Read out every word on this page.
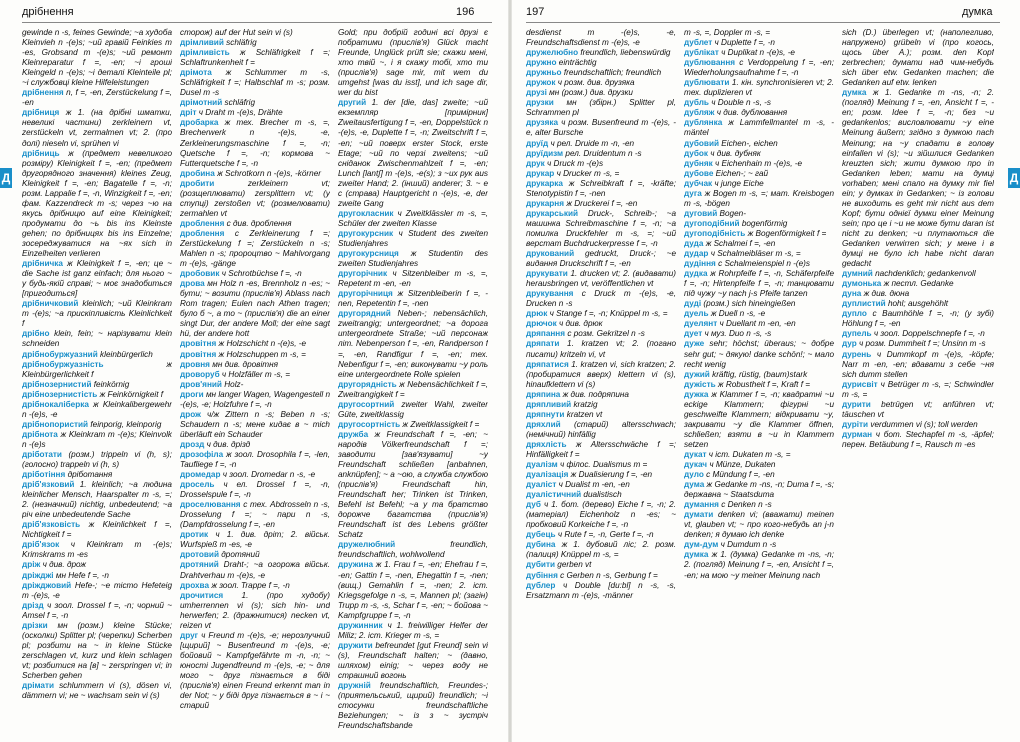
дрібнення	196

gewinde n -s, feines Gewinde; ~а худоба Kleinvieh n -(e)s; ~ий гравій Feinkies m -es, Grobsand m -(e)s; ~ий ремонт Kleinreparatur f =, -en; ~і гроші Kleingeld n -(e)s; ~і деталі Kleinteile pl; ~і службовці kleine Hilfeleistungen

дрібнення n, f =, -en, Zerstückelung f =, -en

дрібниця ж 1. (на дрібні шматки, невеликі частини) zerkleinern vt, zerstückeln vt, zermalmen vt; 2. (про долі) nieseln vi, sprühen vi

дрібниць ж (предмет невеликого розміру) Kleinigkeit f =, -en; (предмет другорядного значення) kleines Zeug, Kleinigkeit f =, -en; Bagatelle f =, -n; розм. Lappalie f =, -n, Winzigkeit f =, -en; фам. Kazzendreck m -s; через ~ю на якусь дрібницю auf eine Kleinigkeit; продумати до ~ь bis ins Kleinste gehen; по дрібницях bis ins Einzelne; зосереджуватися на ~ях sich in Einzelheiten verlieren

дрібничка ж Kleinigkeit f =, -en; це ~ die Sache ist ganz einfach; для нього ~ у будь-якій справі; ~ моє знадобиться [пригодиться]

дрібничковий kleinlich; ~ий Kleinkram m -(e)s; ~а прискіпливість Kleinlichkeit f

дрібно klein, fein; ~ нарізувати klein schneiden

дрібнобуржуазний kleinbürgerlich

дрібнобуржуазність	ж Kleinbürgerlichkeit f

дрібнозернистий feinkörnig

дрібнозернистість ж Feinkörnigkeit f

дрібнокаліберка ж Kleinkalibergewehr n -(e)s, -e

дрібнопористий feinporig, kleinporig

дрібнота ж Kleinkram m -(e)s; Kleinvolk n -(e)s

дріботати (розм.) trippeln vi (h, s); (голосно) trappeln vi (h, s)

дріботіння дріботання

дріб'язковий 1. kleinlich; ~а людина kleinlicher Mensch, Haarspalter m -s, =; 2. (незначний) nichtig, unbedeutend; ~а річ eine unbedeutende Sache

дріб'язковість ж Kleinlichkeit f =, Nichtigkeit f =

дріб'язок ч Kleinkram m -(e)s; Krimskrams m -es

дріж ч див. дрож

дріжджі мн Hefe f =, -n

дріжджовий Hefe-; ~е тісто Hefeteig m -(e)s, -e

дрізд ч зоол. Drossel f =, -n; чорний ~ Amsel f =, -n

дрізки мн (розм.) kleine Stücke; (осколки) Splitter pl; (черепки) Scherben pl; розбити на ~ in kleine Stücke zerschlagen vt, kurz und klein schlagen vt; розбитися на [в] ~ zerspringen vi; in Scherben gehen

дрімати schlummern vi (s), dösen vi, dämmern vi; не ~ wachsam sein vi (s)

сторож) auf der Hut sein vi (s)

дрімливий schläfrig

дрімливість ж Schläfrigkeit f =; Schlaftrunkenheit f =

дрімота ж Schlummer m -s, Schläfrigkeit f =; Halbschlaf m -s; розм. Dusel m -s

дрімотний schläfrig

дріт ч Draht m -(e)s, Drähte

дробарка ж тех. Brecher m -s, =, Brecherwerk n -(e)s, -e, Zerkleinerungsmaschine f =, -n; Quetsche f =, -n; кормова ~ Futterquetsche f =, -n

дробина ж Schrotkorn n -(e)s, -körner

дробити	zerkleinern vt; (розщеплювати) zersplittern vt; (у ступці) zerstoßen vt; (розмелювати) zermahlen vt

дроблення с див. дроблення

дроблення с Zerkleinerung f =; Zerstückelung f =; Zerstückeln n -s; Mahlen n -s; пророцтво ~ Mahlvorgang m -(e)s, -gänge

дробовик ч Schrotbüchse f =, -n

дрова мн Holz n -es, Brennholz n -es; ~ бути; ~ возити (прислів'я) Ablass nach Rom tragen; Eulen nach Athen tragen; було б ~, а то ~ (прислів'я) die an einer singt Dur, der andere Moll; der eine sagt hü, der andere hott

дровітня ж Holzschicht n -(e)s, -e

дровітня ж Holzschuppen m -s, =

дровня мн див. дровітня

дроворуб ч Holzfäller m -s, =

дров'яний Holz-

дроги мн langer Wagen, Wagengestell n -(e)s, -e; Holzfuhre f =, -n

дрож ч/ж Zittern n -s; Beben n -s; Schaudern n -s; мене кидає в ~ mich überläuft ein Schauder

дрозд ч див. дрізд

дрозофіла ж зоол. Drosophila f =, -len, Taufliege f =, -n

дромедар ч зоол. Dromedar n -s, -e

дросель ч ел. Drossel f =, -n, Drosselspule f =, -n

дроселювання с тех. Abdrosseln n -s, Drosselung f =; ~ пари n -s, (Dampfdrosselung f =, -en

дротик ч 1. див. дріт; 2. військ. Wurfspieß m -es, -e

дротовий дротяний

дротяний Draht-; ~а огорожа військ. Drahtverhau m -(e)s, -e

дрохва ж зоол. Trappe f =, -n

дрочитися 1. (про худобу) umherrennen vi (s); sich hin- und herwerfen; 2. (дражнитися) necken vt, reizen vt

друг ч Freund m -(e)s, -e; нерозлучний [щирий] ~ Busenfreund m -(e)s, -e; бойовий ~ Kampfgefährte m -n, -n; ~ юності Jugendfreund m -(e)s, -e; ~ для мого ~ друг пізнається в біді (прислів'я) einen Freund erkennt man in der Not; ~ у біді друг пізнається в ~ і ~ старий

Gold; при добрій годині всі друзі є побратими (прислів'я) Glück macht Freunde, Unglück prüft sie; скажи мені, хто твій ~, і я скажу тобі, хто ти (прислів'я) sage mir, mit wem du umgehst [was du isst], und ich sage dir, wer du bist

другий 1. der [die, das] zweite; ~ий екземпляр [примірник] Zweitausfertigung f =, -en, Doppelstück n -(e)s, -e, Duplette f =, -n; Zweitschrift f =, -en; ~ий поверх erster Stock, erste Etage; ~ий по черзі zweitens; ~ий сніданок Zwischenmahlzeit f =, -en; Lunch [lantʃ] m -(e)s, -e(s); з ~их рук aus zweiter Hand; 2. (інший) anderer; 3. ~ е с (страва) Hauptgericht n -(e)s, -e, der zweite Gang

другокласник ч Zweitklässler m -s, =, Schüler der zweiten Klasse

другокурсник ч Student des zweiten Studienjahres

другокурсниця ж Studentin des zweiten Studienjahres

другорічник ч Sitzenbleiber m -s, =, Repetent m -en, -en

другорічниця ж Sitzenbleiberin f =, -nen, Repetentin f =, -nen

другорядний Neben-; nebensächlich, zweitrangig; untergeordnet; ~а дорога untergeordnete Straße; ~ий персонаж літ. Nebenperson f =, -en, Randperson f =, -en, Randfigur f =, -en; тех. Nebenfigur f =, -en; виконувати ~у роль eine untergeordnete Rolle spielen

другорядність ж Nebensächlichkeit f =, Zweitrangigkeit f =

другосортний zweiter Wahl, zweiter Güte, zweitklassig

другосортність ж Zweitklassigkeit f =

дружба ж Freundschaft f =, -en; ~ народів Völkerfreundschaft f =; заводити [зав'язувати] ~у Freundschaft schließen [anbahnen, anknüpfen]; ~ а ~ою, а служба службою (прислів'я) Freundschaft hin, Freundschaft her; Trinken ist Trinken, Befehl ist Befehl; ~а у та братство дорожче багатства (прислів'я) Freundschaft ist des Lebens größter Schatz

дружелюбний	freundlich, freundschaftlich, wohlwollend

дружина ж 1. Frau f =, -en; Ehefrau f =, -en; Gattin f =, -nen, Ehegattin f =, -nen; (вищ.) Gemahlin f =, -nen; 2. іст. Kriegsgefolge n -s, =, Mannen pl; (загін) Trupp m -s, -s, Schar f =, -en; ~ бойова ~ Kampfgruppe f =, -n

дружинник ч 1. freiwilliger Helfer der Miliz; 2. іст. Krieger m -s, =

дружити befreundet [gut Freund] sein vi (s), Freundschaft halten; ~ (давно, шляхом) einig; ~ через воду не страшний вогонь

дружній freundschaftlich, Freundes-; (приятельський, щирий) freundlich; ~і стосунки freundschaftliche Beziehungen; ~ із з ~ зустріч Freundschaftsbande

Д
думка
197

desdienst m -(e)s, -e, Freundschaftsdienst m -(e)s, -e

дружелюбно freundlich, liebenswürdig

дружно einträchtig

дружньо freundschaftlich; freundlich

дружок ч розм. див. друзяка

друзі мн (розм.) див. друзки

друзки мн (збірн.) Splitter pl, Schrammen pl

друзяка ч розм. Busenfreund m -(e)s, -e, alter Bursche

друїд ч рел. Druide m -n, -en

друїдизм рел. Druidentum n -s

друк ч Druck m -(e)s

друкар ч Drucker m -s, =

друкарка ж Schreibkraft f =, -kräfte; Stenotypistin f =, -nen

друкарня ж Druckerei f =, -en

друкарський Druck-, Schreib-; ~а машинка Schreibmaschine f =, -n; ~а помилка Druckfehler m -s, =; ~ий верстат Buchdruckerpresse f =, -n

друкований gedruckt, Druck-; ~е видання Druckschrift f =, -en

друкувати 1. drucken vt; 2. (видавати) herausbringen vt, veröffentlichen vt

друкування с Druck m -(e)s, -e, Drucken n -s

дрюк ч Stange f =, -n; Knüppel m -s, =

дрючок ч див. дрюк

дряпання с розм. Gekritzel n -s

дряпати 1. kratzen vt; 2. (погано писати) kritzeln vi, vt

дряпатися 1. kratzen vi, sich kratzen; 2. (пробиратися вверх) klettern vi (s), hinaufklettern vi (s)

дряпина ж див. подряпина

дряпливий kratzig

дряпнути kratzen vt

дряхлий (старий) altersschwach; (немічний) hinfällig

дряхлість ж Altersschwäche f =; Hinfälligkeit f =

дуалізм ч філос. Dualismus m =

дуалізація ж Dualisierung f =, -en

дуаліст ч Dualist m -en, -en

дуалістичний dualistisch

дуб ч 1. бот. (дерево) Eiche f =, -n; 2. (матеріал) Eichenholz n -es; ~ пробковий Korkeiche f =, -n

дубець ч Rute f =, -n, Gerte f =, -n

дубина ж 1. дубовий ліс; 2. розм. (палиця) Knüppel m -s, =

дубити gerben vt

дубіння с Gerben n -s, Gerbung f =

дублер ч Double [du:bl] n -s, -s, Ersatzmann m -(e)s, -männer

m -s, =, Doppler m -s, =

дублет ч Duplette f =, -n

дублікат ч Duplikat n -(e)s, -e

дублювання с Verdoppelung f =, -en; Wiederholungsaufnahme f =, -n

дублювати 1. кін. synchronisieren vt; 2. тех. duplizieren vt

дубль ч Double n -s, -s

дубляж ч див. дублювання

дублянка ж Lammfellmantel m -s, -mäntel

дубовий Eichen-, eichen

дубок ч див. дубняк

дубняк ч Eichenhain m -(e)s, -e

дубове Eichen-; ~ гай

дубчак ч junge Eiche

дуга ж Bogen m -s, =; мат. Kreisbogen m -s, -bögen

дуговий Bogen-

дугоподібний bogenförmig

дугоподібність ж Bogenförmigkeit f =

дуда ж Schalmei f =, -en

дудар ч Schalmeibläser m -s, =

дудіння с Schalmeienspiel n -(e)s

дудка ж Rohrpfeife f =, -n, Schäferpfeife f =, -n; Hirtenpfeife f =, -n; танцювати під чужу ~у nach j-s Pfeife tanzen

дуді (розм.) sich hineingießen

дуель ж Duell n -s, -e

дуелянт ч Duellant m -en, -en

дует ч муз. Duo n -s, -s

дуже sehr; höchst; überaus; ~ добре sehr gut; ~ дякую! danke schön!; ~ мало recht wenig

дужий kräftig, rüstig, (baum)stark

дужість ж Robustheit f =, Kraft f =

дужка ж Klammer f =, -n; квадратні ~и eckige Klammern; фігурні ~и geschweifte Klammern; відкривати ~у, закривати ~у die Klammer öffnen, schließen; взяти в ~и in Klammern setzen

дукат ч іст. Dukaten m -s, =

дукач ч Münze, Dukaten

дуло с Mündung f =, -en

дума ж Gedanke m -ns, -n; Duma f =, -s; державна ~ Staatsduma

думання с Denken n -s

думати denken vi; (вважати) meinen vt, glauben vt; ~ про кого-небудь an j-n denken; я думаю ich denke

дум-дум ч Dumdum n -s

думка ж 1. (думка) Gedanke m -ns, -n; 2. (погляд) Meinung f =, -en, Ansicht f =, -en; на мою ~у meiner Meinung nach

sich (D.) überlegen vt; (наполегливо, напружено) grübeln vi (про когось, щось über A.); розм. den Kopf zerbrechen; думати над чим-небудь sich über etw. Gedanken machen; die Gedanken auf etw. lenken

думка ж 1. Gedanke m -ns, -n; 2. (погляд) Meinung f =, -en, Ansicht f =, -en; розм. Idee f =, -n; без ~и gedankenlos; висловлювати ~у eine Meinung äußern; згідно з думкою nach Meinung; на ~у спадати в голову einfallen vi (s); ~и зійшлися Gedanken kreuzten sich; жити думкою про in Gedanken leben; мати на думці vorhaben; мені спало на думку mir fiel ein; у думках in Gedanken; ~ із голови не виходить es geht mir nicht aus dem Kopf; бути однієї думки einer Meinung sein; про це і ~и не може бути daran ist nicht zu denken; ~и плутаються die Gedanken verwirren sich; у мене і в думці не було ich habe nicht daran gedacht

думний nachdenklich; gedankenvoll

думонька ж пестл. Gedanke

дуна ж див. дюна

дуплистий hohl; ausgehöhlt

дупло с Baumhöhle f =, -n; (у зубі) Höhlung f =, -en

дупель ч зоол. Doppelschnepfe f =, -n

дур ч розм. Dummheit f =; Unsinn m -s

дурень ч Dummkopf m -(e)s, -köpfe; Narr m -en, -en; вдавати з себе ~ня sich dumm stellen

дурисвіт ч Betrüger m -s, =; Schwindler m -s, =

дурити betrügen vt; anführen vt; täuschen vt

дуріти verdummen vi (s); toll werden

дурман ч бот. Stechapfel m -s, -äpfel; перен. Betäubung f =, Rausch m -es

Д
